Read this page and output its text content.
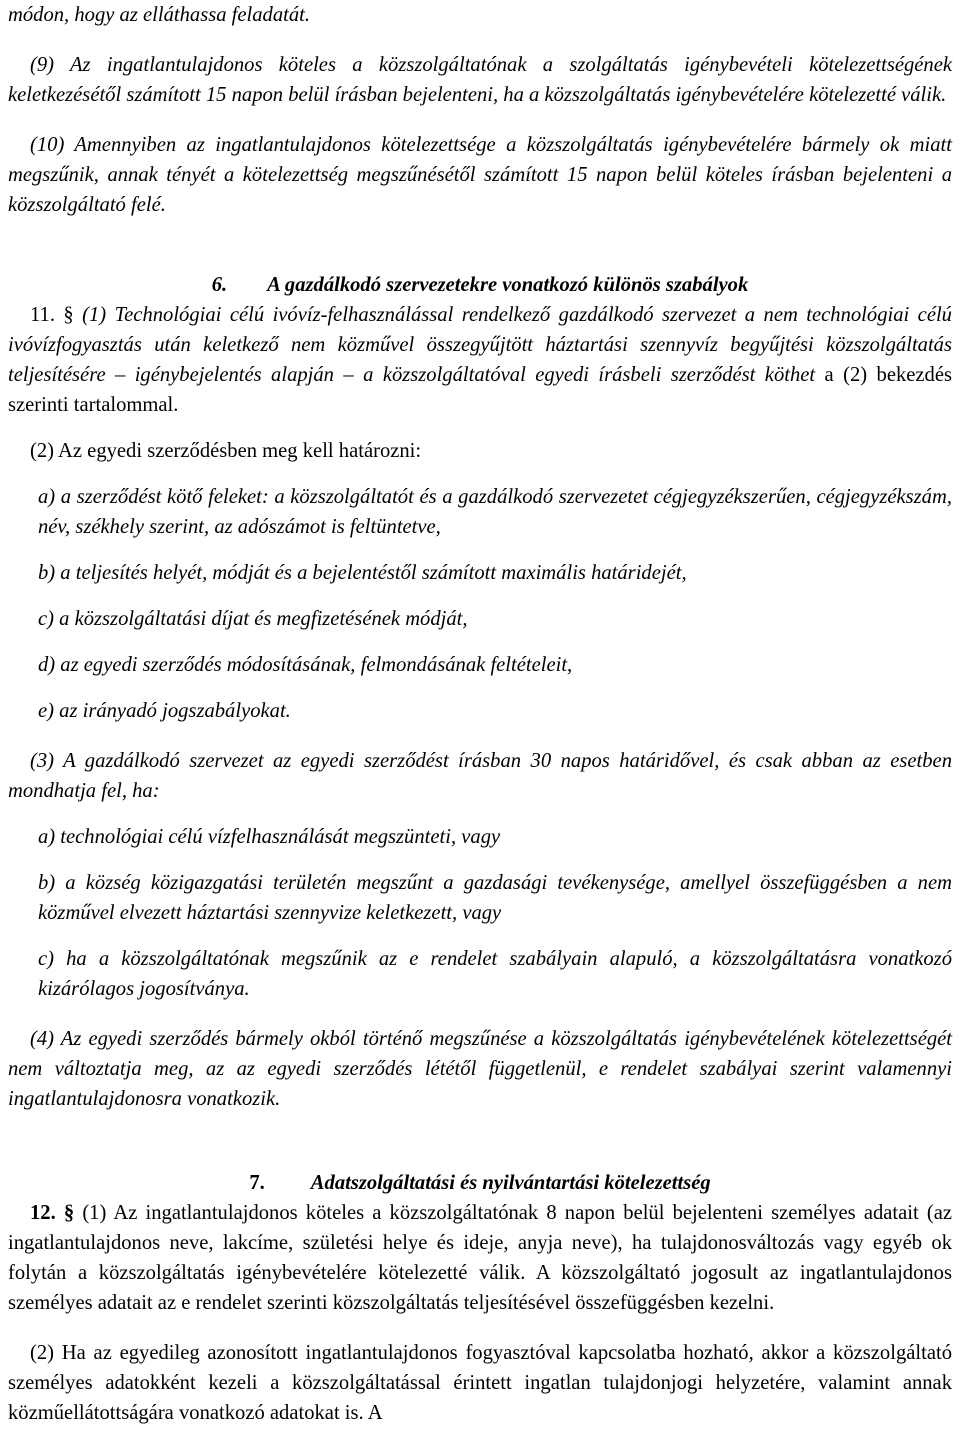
módon, hogy az elláthassa feladatát.

(9) Az ingatlantulajdonos köteles a közszolgáltatónak a szolgáltatás igénybevételi kötelezettségének keletkezésétől számított 15 napon belül írásban bejelenteni, ha a közszolgáltatás igénybevételére kötelezetté válik.

(10) Amennyiben az ingatlantulajdonos kötelezettsége a közszolgáltatás igénybevételére bármely ok miatt megszűnik, annak tényét a kötelezettség megszűnésétől számított 15 napon belül köteles írásban bejelenteni a közszolgáltató felé.

6. A gazdálkodó szervezetekre vonatkozó különös szabályok

11. § (1) Technológiai célú ivóvíz-felhasználással rendelkező gazdálkodó szervezet a nem technológiai célú ivóvízfogyasztás után keletkező nem közművel összegyűjtött háztartási szennyvíz begyűjtési közszolgáltatás teljesítésére – igénybejelentés alapján – a közszolgáltatóval egyedi írásbeli szerződést köthet a (2) bekezdés szerinti tartalommal.

(2) Az egyedi szerződésben meg kell határozni:

a) a szerződést kötő feleket: a közszolgáltatót és a gazdálkodó szervezetet cégjegyzékszerűen, cégjegyzékszám, név, székhely szerint, az adószámot is feltüntetve,

b) a teljesítés helyét, módját és a bejelentéstől számított maximális határidejét,

c) a közszolgáltatási díjat és megfizetésének módját,

d) az egyedi szerződés módosításának, felmondásának feltételeit,

e) az irányadó jogszabályokat.

(3) A gazdálkodó szervezet az egyedi szerződést írásban 30 napos határidővel, és csak abban az esetben mondhatja fel, ha:

a) technológiai célú vízfelhasználását megszünteti, vagy

b) a község közigazgatási területén megszűnt a gazdasági tevékenysége, amellyel összefüggésben a nem közművel elvezett háztartási szennyvize keletkezett, vagy

c) ha a közszolgáltatónak megszűnik az e rendelet szabályain alapuló, a közszolgáltatásra vonatkozó kizárólagos jogosítványa.

(4) Az egyedi szerződés bármely okból történő megszűnése a közszolgáltatás igénybevételének kötelezettségét nem változtatja meg, az az egyedi szerződés lététől függetlenül, e rendelet szabályai szerint valamennyi ingatlantulajdonosra vonatkozik.

7. Adatszolgáltatási és nyilvántartási kötelezettség

12. § (1) Az ingatlantulajdonos köteles a közszolgáltatónak 8 napon belül bejelenteni személyes adatait (az ingatlantulajdonos neve, lakcíme, születési helye és ideje, anyja neve), ha tulajdonosváltozás vagy egyéb ok folytán a közszolgáltatás igénybevételére kötelezetté válik. A közszolgáltató jogosult az ingatlantulajdonos személyes adatait az e rendelet szerinti közszolgáltatás teljesítésével összefüggésben kezelni.

(2) Ha az egyedileg azonosított ingatlantulajdonos fogyasztóval kapcsolatba hozható, akkor a közszolgáltató személyes adatokként kezeli a közszolgáltatással érintett ingatlan tulajdonjogi helyzetére, valamint annak közműellátottságára vonatkozó adatokat is. A
